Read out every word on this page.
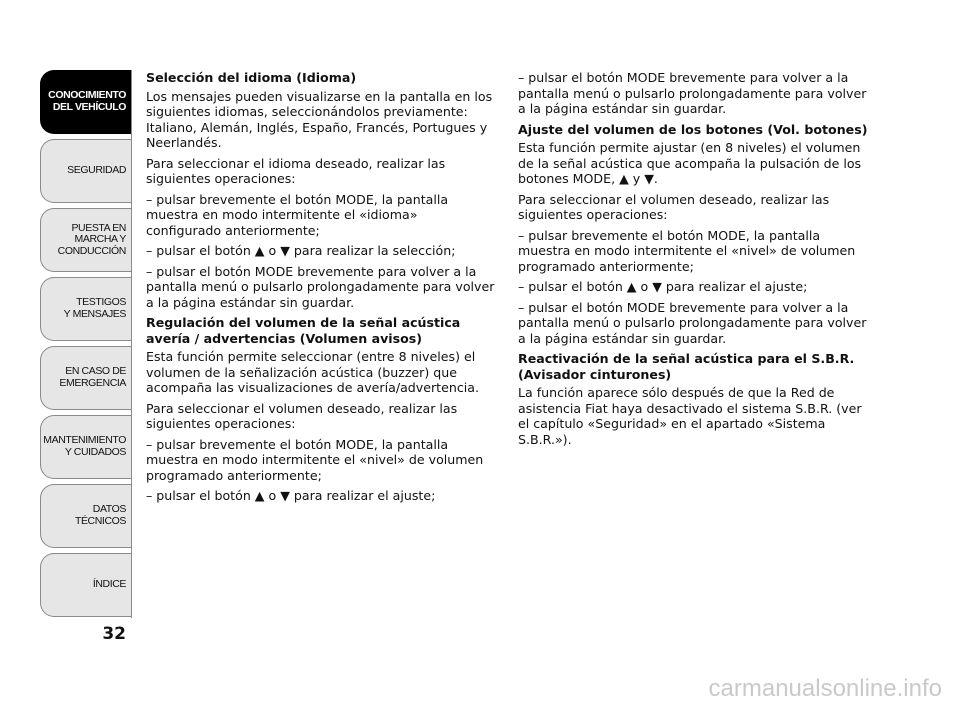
CONOCIMIENTO
DEL VEHÍCULO
SEGURIDAD
PUESTA EN
MARCHA Y
CONDUCCIÓN
TESTIGOS
Y MENSAJES
EN CASO DE
EMERGENCIA
MANTENIMIENTO
Y CUIDADOS
DATOS
TÉCNICOS
ÍNDICE
32
Selección del idioma (Idioma)

Los mensajes pueden visualizarse en la pantalla en los siguientes idiomas, seleccionándolos previamente: Italiano, Alemán, Inglés, Españo, Francés, Portugues y Neerlandés.

Para seleccionar el idioma deseado, realizar las siguientes operaciones:

– pulsar brevemente el botón MODE, la pantalla muestra en modo intermitente el «idioma» configurado anteriormente;

– pulsar el botón ▲ o ▼ para realizar la selección;

– pulsar el botón MODE brevemente para volver a la pantalla menú o pulsarlo prolongadamente para volver a la página estándar sin guardar.

Regulación del volumen de la señal acústica avería / advertencias (Volumen avisos)

Esta función permite seleccionar (entre 8 niveles) el volumen de la señalización acústica (buzzer) que acompaña las visualizaciones de avería/advertencia.

Para seleccionar el volumen deseado, realizar las siguientes operaciones:

– pulsar brevemente el botón MODE, la pantalla muestra en modo intermitente el «nivel» de volumen programado anteriormente;

– pulsar el botón ▲ o ▼ para realizar el ajuste;

– pulsar el botón MODE brevemente para volver a la pantalla menú o pulsarlo prolongadamente para volver a la página estándar sin guardar.

Ajuste del volumen de los botones (Vol. botones)

Esta función permite ajustar (en 8 niveles) el volumen de la señal acústica que acompaña la pulsación de los botones MODE, ▲ y ▼.

Para seleccionar el volumen deseado, realizar las siguientes operaciones:

– pulsar brevemente el botón MODE, la pantalla muestra en modo intermitente el «nivel» de volumen programado anteriormente;

– pulsar el botón ▲ o ▼ para realizar el ajuste;

– pulsar el botón MODE brevemente para volver a la pantalla menú o pulsarlo prolongadamente para volver a la página estándar sin guardar.

Reactivación de la señal acústica para el S.B.R. (Avisador cinturones)

La función aparece sólo después de que la Red de asistencia Fiat haya desactivado el sistema S.B.R. (ver el capítulo «Seguridad» en el apartado «Sistema S.B.R.»).

carmanualsonline.info
